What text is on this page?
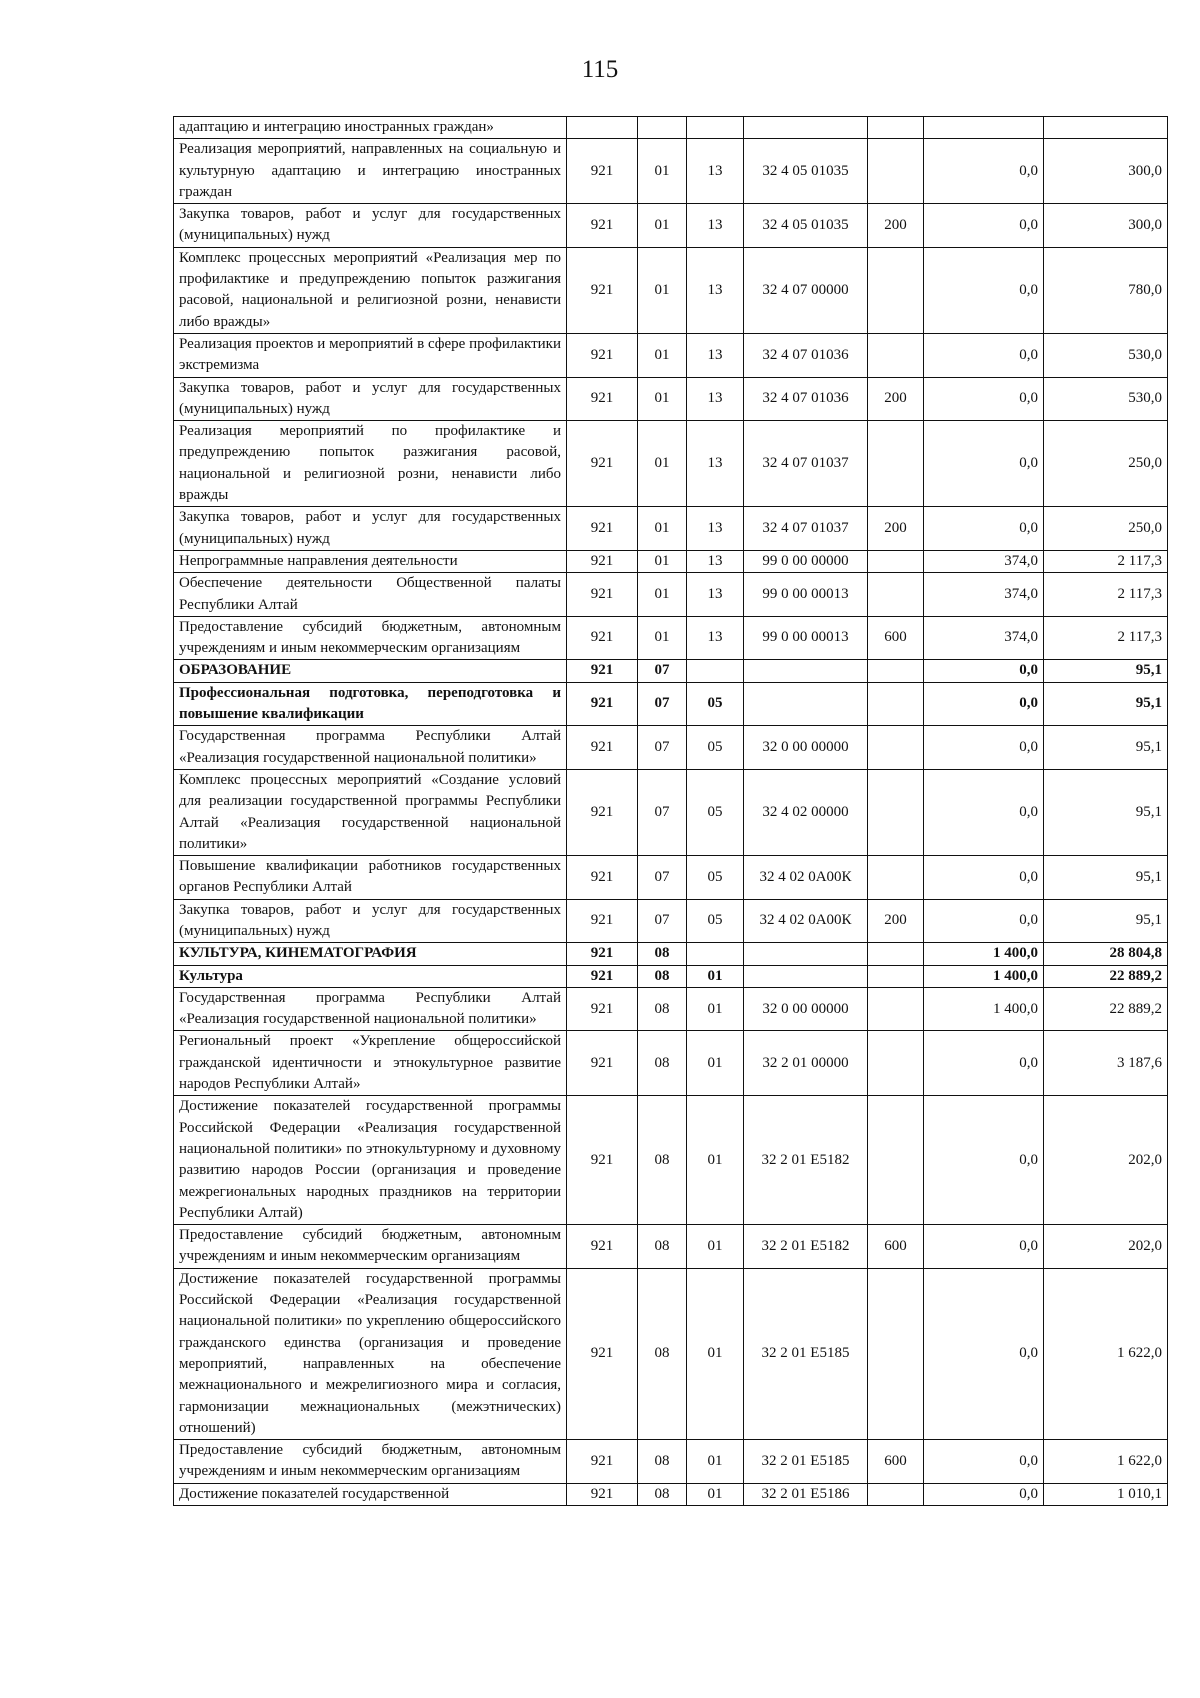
115
адаптацию и интеграцию иностранных граждан»							
Реализация мероприятий, направленных на социальную и культурную адаптацию и интеграцию иностранных граждан	921	01	13	32 4 05 01035		0,0	300,0
Закупка товаров, работ и услуг для государственных (муниципальных) нужд	921	01	13	32 4 05 01035	200	0,0	300,0
Комплекс процессных мероприятий «Реализация мер по профилактике и предупреждению попыток разжигания расовой, национальной и религиозной розни, ненависти либо вражды»	921	01	13	32 4 07 00000		0,0	780,0
Реализация проектов и мероприятий в сфере профилактики экстремизма	921	01	13	32 4 07 01036		0,0	530,0
Закупка товаров, работ и услуг для государственных (муниципальных) нужд	921	01	13	32 4 07 01036	200	0,0	530,0
Реализация мероприятий по профилактике и предупреждению попыток разжигания расовой, национальной и религиозной розни, ненависти либо вражды	921	01	13	32 4 07 01037		0,0	250,0
Закупка товаров, работ и услуг для государственных (муниципальных) нужд	921	01	13	32 4 07 01037	200	0,0	250,0
Непрограммные направления деятельности	921	01	13	99 0 00 00000		374,0	2 117,3
Обеспечение деятельности Общественной палаты Республики Алтай	921	01	13	99 0 00 00013		374,0	2 117,3
Предоставление субсидий бюджетным, автономным учреждениям и иным некоммерческим организациям	921	01	13	99 0 00 00013	600	374,0	2 117,3
ОБРАЗОВАНИЕ	921	07				0,0	95,1
Профессиональная подготовка, переподготовка и повышение квалификации	921	07	05			0,0	95,1
Государственная программа Республики Алтай «Реализация государственной национальной политики»	921	07	05	32 0 00 00000		0,0	95,1
Комплекс процессных мероприятий «Создание условий для реализации государственной программы Республики Алтай «Реализация государственной национальной политики»	921	07	05	32 4 02 00000		0,0	95,1
Повышение квалификации работников государственных органов Республики Алтай	921	07	05	32 4 02 0А00К		0,0	95,1
Закупка товаров, работ и услуг для государственных (муниципальных) нужд	921	07	05	32 4 02 0А00К	200	0,0	95,1
КУЛЬТУРА, КИНЕМАТОГРАФИЯ	921	08				1 400,0	28 804,8
Культура	921	08	01			1 400,0	22 889,2
Государственная программа Республики Алтай «Реализация государственной национальной политики»	921	08	01	32 0 00 00000		1 400,0	22 889,2
Региональный проект «Укрепление общероссийской гражданской идентичности и этнокультурное развитие народов Республики Алтай»	921	08	01	32 2 01 00000		0,0	3 187,6
Достижение показателей государственной программы Российской Федерации «Реализация государственной национальной политики» по этнокультурному и духовному развитию народов России (организация и проведение межрегиональных народных праздников на территории Республики Алтай)	921	08	01	32 2 01 Е5182		0,0	202,0
Предоставление субсидий бюджетным, автономным учреждениям и иным некоммерческим организациям	921	08	01	32 2 01 Е5182	600	0,0	202,0
Достижение показателей государственной программы Российской Федерации «Реализация государственной национальной политики» по укреплению общероссийского гражданского единства (организация и проведение мероприятий, направленных на обеспечение межнационального и межрелигиозного мира и согласия, гармонизации межнациональных (межэтнических) отношений)	921	08	01	32 2 01 Е5185		0,0	1 622,0
Предоставление субсидий бюджетным, автономным учреждениям и иным некоммерческим организациям	921	08	01	32 2 01 Е5185	600	0,0	1 622,0
Достижение показателей государственной	921	08	01	32 2 01 Е5186		0,0	1 010,1
